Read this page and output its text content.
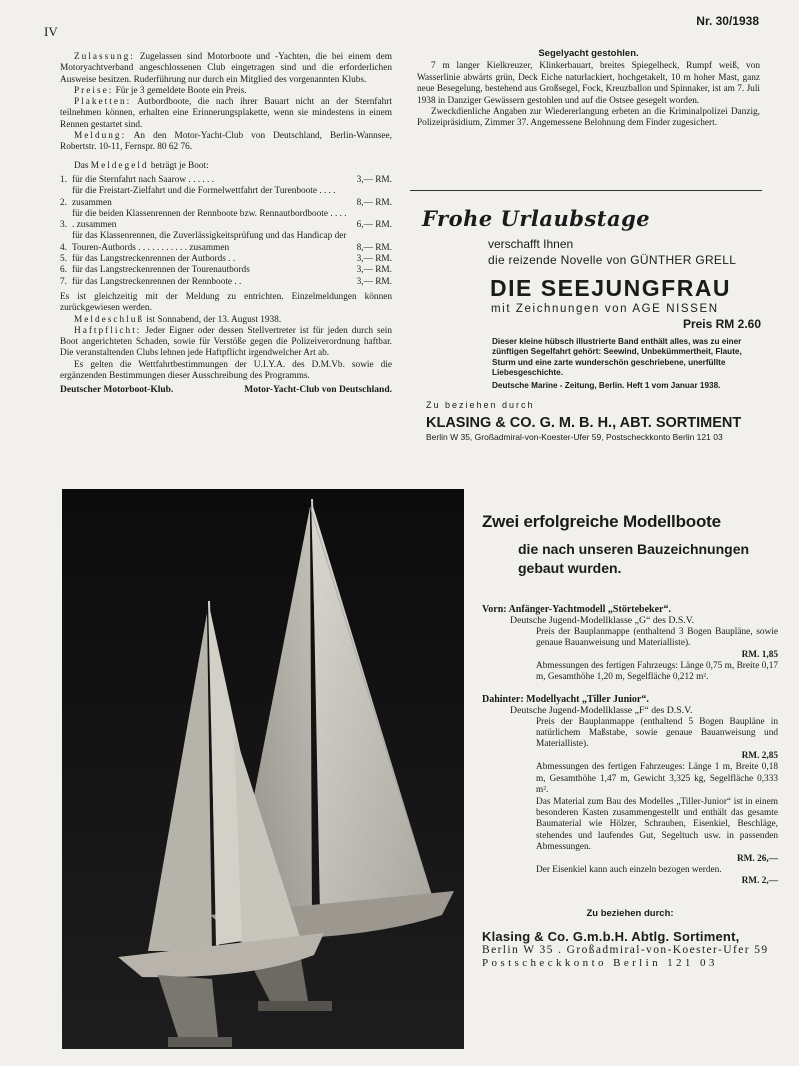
IV
Nr. 30/1938

Zulassung: Zugelassen sind Motorboote und -Yachten, die bei einem dem Motoryachtverband angeschlossenen Club eingetragen sind und die erforderlichen Ausweise besitzen. Ruderführung nur durch ein Mitglied des vorgenannten Klubs.

Preise: Für je 3 gemeldete Boote ein Preis.

Plaketten: Autbordboote, die nach ihrer Bauart nicht an der Sternfahrt teilnehmen können, erhalten eine Erinnerungsplakette, wenn sie mindestens in einem Rennen gestartet sind.

Meldung: An den Motor-Yacht-Club von Deutschland, Berlin-Wannsee, Robertstr. 10-11, Fernspr. 80 62 76.

Das Meldegeld beträgt je Boot:

1. für die Sternfahrt nach Saarow . . . . . .	3,— RM.
2.
für die Freistart-Zielfahrt und die Formelwettfahrt der Turenboote . . . . zusammen	8,— RM.
3.
für die beiden Klassenrennen der Rennboote bzw. Rennautbordboote . . . . . zusammen	6,— RM.
4.
für das Klassenrennen, die Zuverlässigkeitsprüfung und das Handicap der Touren-Autbords . . . . . . . . . . . zusammen	8,— RM.
5. für das Langstreckenrennen der Autbords . .	3,— RM.
6. für das Langstreckenrennen der Tourenautbords	3,— RM.
7. für das Langstreckenrennen der Rennboote . .	3,— RM.

Es ist gleichzeitig mit der Meldung zu entrichten. Einzelmeldungen können zurückgewiesen werden.

Meldeschluß ist Sonnabend, der 13. August 1938.

Haftpflicht: Jeder Eigner oder dessen Stellvertreter ist für jeden durch sein Boot angerichteten Schaden, sowie für Verstöße gegen die Polizeiverordnung haftbar. Die veranstaltenden Clubs lehnen jede Haftpflicht irgendwelcher Art ab.

Es gelten die Wettfahrtbestimmungen der U.I.Y.A. des D.M.Vb. sowie die ergänzenden Bestimmungen dieser Ausschreibung des Programms.

Deutscher Motorboot-Klub.	Motor-Yacht-Club von Deutschland.
Segelyacht gestohlen.

7 m langer Kielkreuzer, Klinkerbauart, breites Spiegelheck, Rumpf weiß, von Wasserlinie abwärts grün, Deck Eiche naturlackiert, hochgetakelt, 10 m hoher Mast, ganz neue Besegelung, bestehend aus Großsegel, Fock, Kreuzballon und Spinnaker, ist am 7. Juli 1938 in Danziger Gewässern gestohlen und auf die Ostsee gesegelt worden.

Zweckdienliche Angaben zur Wiedererlangung erbeten an die Kriminalpolizei Danzig, Polizeipräsidium, Zimmer 37. Angemessene Belohnung dem Finder zugesichert.

Frohe Urlaubstage
verschafft Ihnen
die reizende Novelle von GÜNTHER GRELL
DIE SEEJUNGFRAU
mit Zeichnungen von AGE NISSEN
Preis RM 2.60
Dieser kleine hübsch illustrierte Band enthält alles, was zu einer zünftigen Segelfahrt gehört: Seewind, Unbekümmertheit, Flaute, Sturm und eine zarte wunderschön geschriebene, unerfüllte Liebesgeschichte.
Deutsche Marine - Zeitung, Berlin. Heft 1 vom Januar 1938.
Zu beziehen durch
KLASING & CO. G. M. B. H., ABT. SORTIMENT
Berlin W 35, Großadmiral-von-Koester-Ufer 59, Postscheckkonto Berlin 121 03
Zwei erfolgreiche Modellboote
die nach unseren Bauzeichnungen
gebaut wurden.
Vorn: Anfänger-Yachtmodell „Störtebeker“.
Deutsche Jugend-Modellklasse „G“ des D.S.V.
Preis der Bauplanmappe (enthaltend 3 Bogen Baupläne, sowie genaue Bauanweisung und Materialliste).
RM. 1,85
Abmessungen des fertigen Fahrzeugs: Länge 0,75 m, Breite 0,17 m, Gesamthöhe 1,20 m, Segelfläche 0,212 m².
Dahinter: Modellyacht „Tiller Junior“.
Deutsche Jugend-Modellklasse „F“ des D.S.V.
Preis der Bauplanmappe (enthaltend 5 Bogen Baupläne in natürlichem Maßstabe, sowie genaue Bauanweisung und Materialliste).
RM. 2,85
Abmessungen des fertigen Fahrzeuges: Länge 1 m, Breite 0,18 m, Gesamthöhe 1,47 m, Gewicht 3,325 kg, Segelfläche 0,333 m².
Das Material zum Bau des Modelles „Tiller-Junior“ ist in einem besonderen Kasten zusammengestellt und enthält das gesamte Baumaterial wie Hölzer, Schrauben, Eisenkiel, Beschläge, stehendes und laufendes Gut, Segeltuch usw. in passenden Abmessungen.
RM. 26,—
Der Eisenkiel kann auch einzeln bezogen werden.
RM. 2,—
Zu beziehen durch:
Klasing & Co. G.m.b.H. Abtlg. Sortiment,
Berlin W 35 . Großadmiral-von-Koester-Ufer 59
Postscheckkonto Berlin 121 03
